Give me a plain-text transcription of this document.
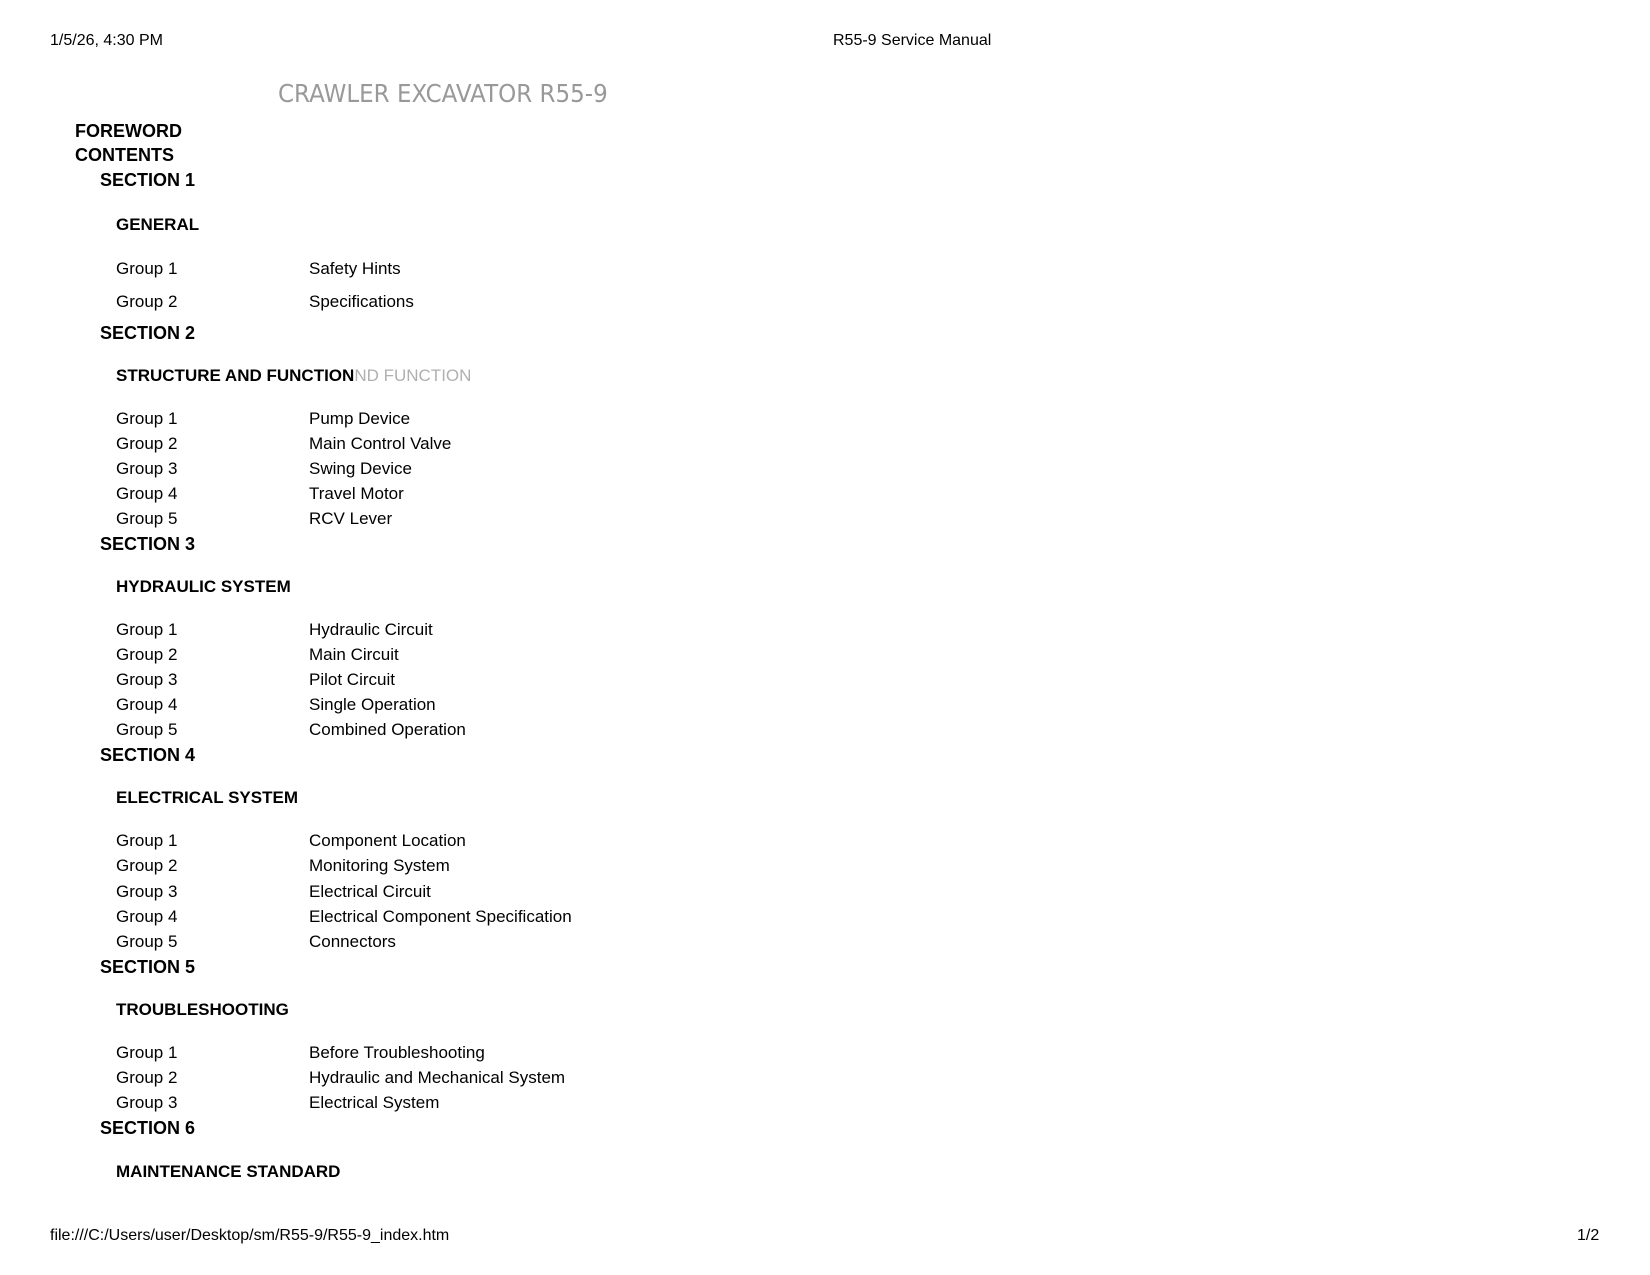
1/5/26, 4:30 PM	R55-9 Service Manual
CRAWLER EXCAVATOR R55-9
FOREWORD
CONTENTS
SECTION 1
GENERAL
Group 1	Safety Hints
Group 2	Specifications
SECTION 2
STRUCTURE AND FUNCTIONND FUNCTION
Group 1	Pump Device
Group 2	Main Control Valve
Group 3	Swing Device
Group 4	Travel Motor
Group 5	RCV Lever
SECTION 3
HYDRAULIC SYSTEM
Group 1	Hydraulic Circuit
Group 2	Main Circuit
Group 3	Pilot Circuit
Group 4	Single Operation
Group 5	Combined Operation
SECTION 4
ELECTRICAL SYSTEM
Group 1	Component Location
Group 2	Monitoring System
Group 3	Electrical Circuit
Group 4	Electrical Component Specification
Group 5	Connectors
SECTION 5
TROUBLESHOOTING
Group 1	Before Troubleshooting
Group 2	Hydraulic and Mechanical System
Group 3	Electrical System
SECTION 6
MAINTENANCE STANDARD
file:///C:/Users/user/Desktop/sm/R55-9/R55-9_index.htm	1/2
